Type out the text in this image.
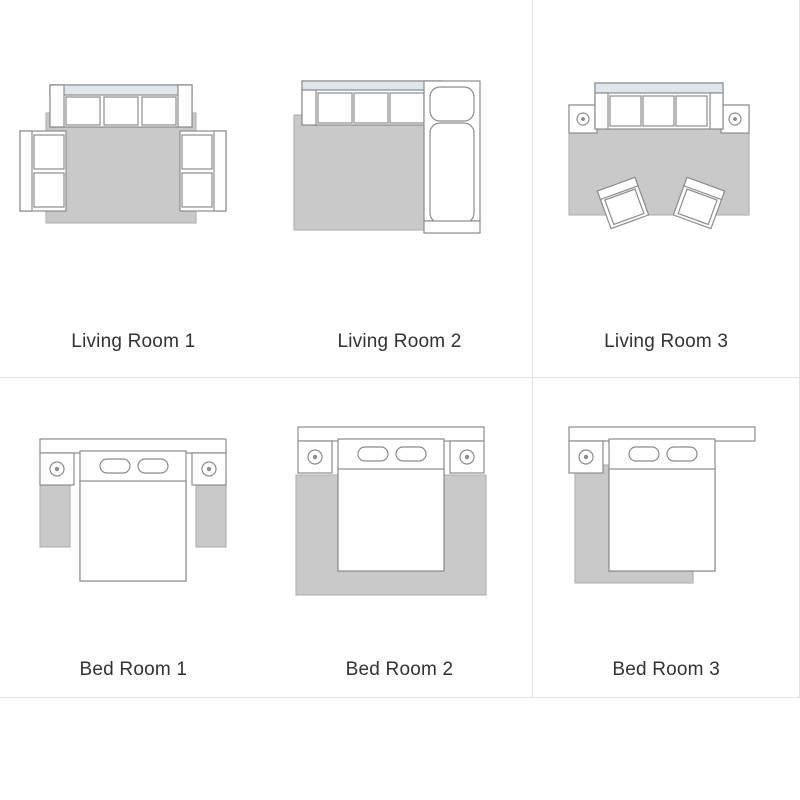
Living Room 1	Living Room 2	Living Room 3
Bed Room 1	Bed Room 2	Bed Room 3
